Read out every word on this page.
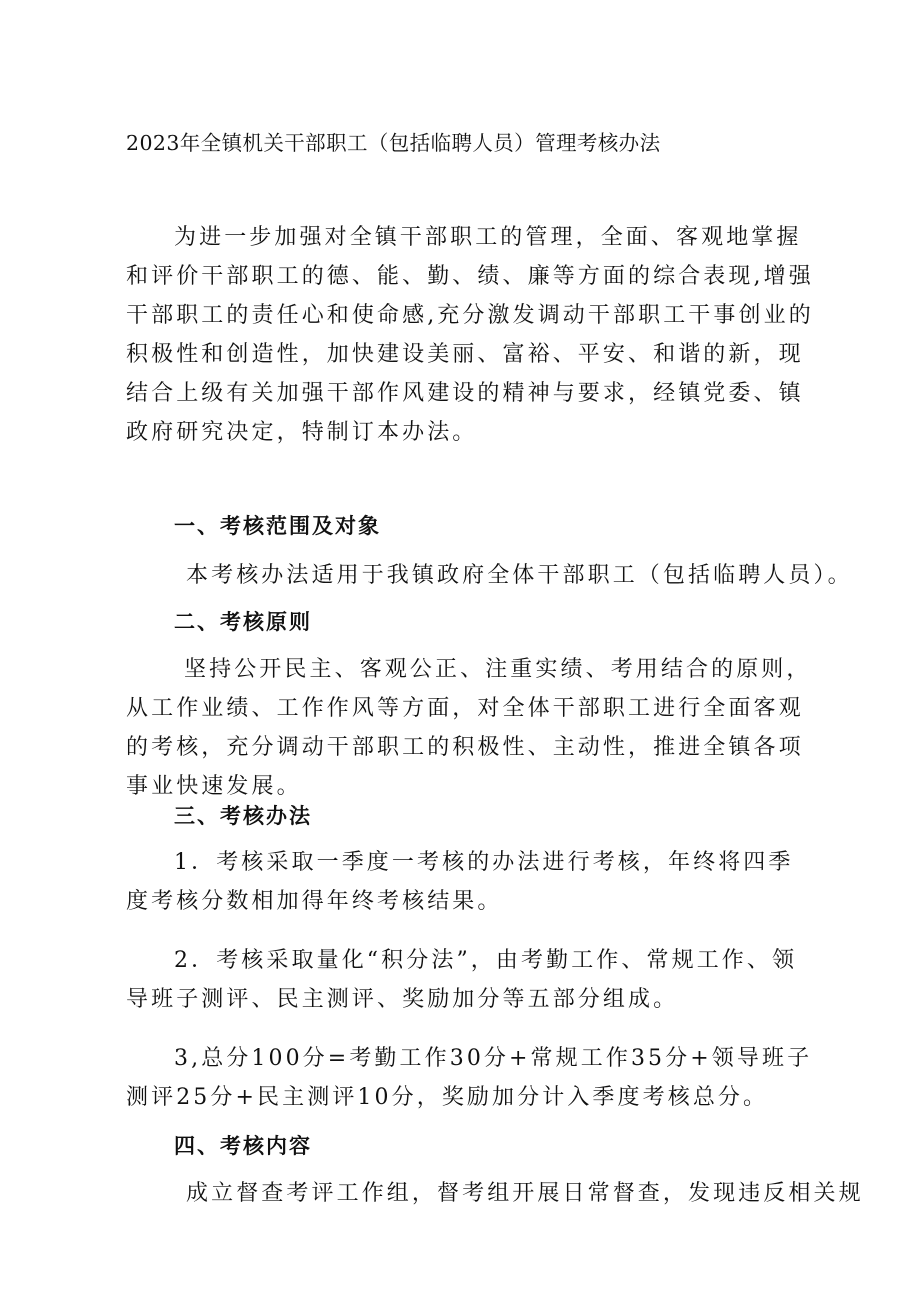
2023年全镇机关干部职工（包括临聘人员）管理考核办法

为进一步加强对全镇干部职工的管理，全面、客观地掌握和评价干部职工的德、能、勤、绩、廉等方面的综合表现,增强干部职工的责任心和使命感,充分激发调动干部职工干事创业的积极性和创造性，加快建设美丽、富裕、平安、和谐的新，现结合上级有关加强干部作风建设的精神与要求，经镇党委、镇政府研究决定，特制订本办法。

一、考核范围及对象
本考核办法适用于我镇政府全体干部职工（包括临聘人员）。
二、考核原则

坚持公开民主、客观公正、注重实绩、考用结合的原则，从工作业绩、工作作风等方面，对全体干部职工进行全面客观的考核，充分调动干部职工的积极性、主动性，推进全镇各项事业快速发展。

三、考核办法

1．考核采取一季度一考核的办法进行考核，年终将四季度考核分数相加得年终考核结果。

2．考核采取量化“积分法”，由考勤工作、常规工作、领导班子测评、民主测评、奖励加分等五部分组成。

3,总分100分=考勤工作30分+常规工作35分+领导班子测评25分+民主测评10分，奖励加分计入季度考核总分。

四、考核内容
成立督查考评工作组，督考组开展日常督查，发现违反相关规
